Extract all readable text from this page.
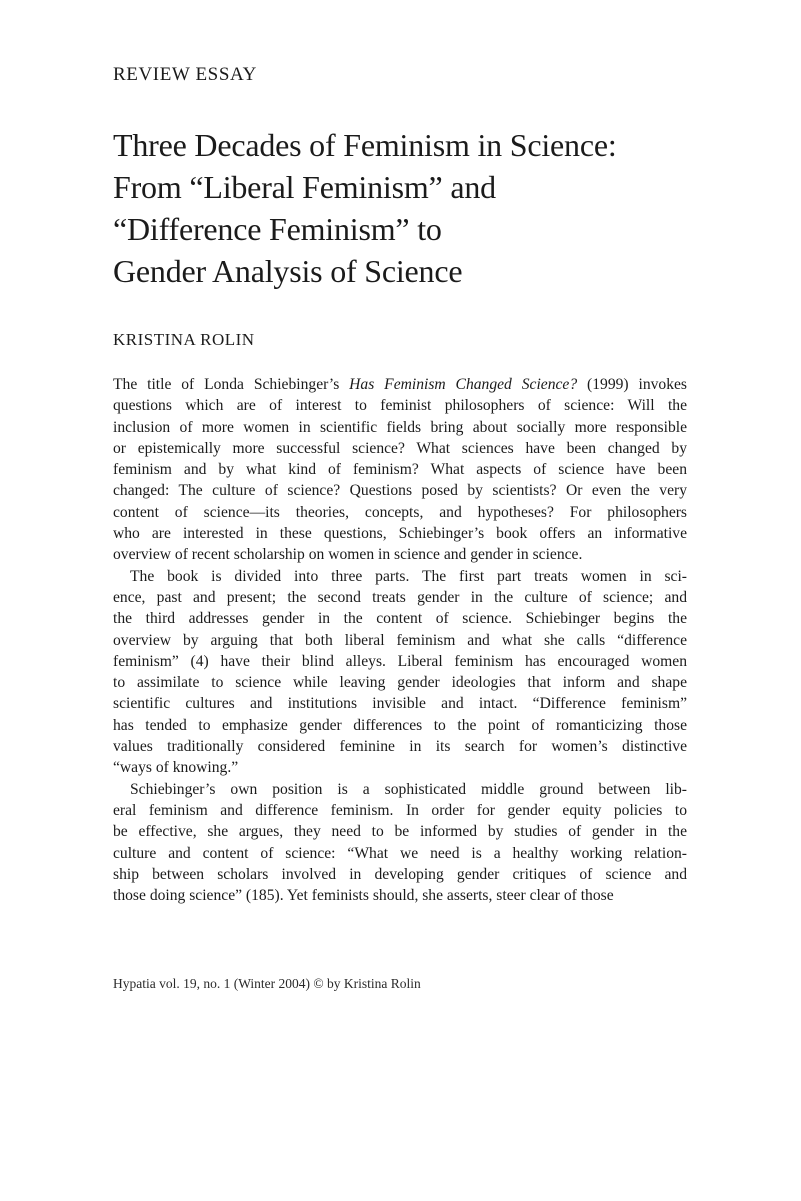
REVIEW ESSAY
Three Decades of Feminism in Science:
From “Liberal Feminism” and
“Difference Feminism” to
Gender Analysis of Science
KRISTINA ROLIN
The title of Londa Schiebinger’s Has Feminism Changed Science? (1999) invokes
questions which are of interest to feminist philosophers of science: Will the
inclusion of more women in scientific fields bring about socially more responsible
or epistemically more successful science? What sciences have been changed by
feminism and by what kind of feminism? What aspects of science have been
changed: The culture of science? Questions posed by scientists? Or even the very
content of science—its theories, concepts, and hypotheses? For philosophers
who are interested in these questions, Schiebinger’s book offers an informative
overview of recent scholarship on women in science and gender in science.
The book is divided into three parts. The first part treats women in sci-
ence, past and present; the second treats gender in the culture of science; and
the third addresses gender in the content of science. Schiebinger begins the
overview by arguing that both liberal feminism and what she calls “difference
feminism” (4) have their blind alleys. Liberal feminism has encouraged women
to assimilate to science while leaving gender ideologies that inform and shape
scientific cultures and institutions invisible and intact. “Difference feminism”
has tended to emphasize gender differences to the point of romanticizing those
values traditionally considered feminine in its search for women’s distinctive
“ways of knowing.”
Schiebinger’s own position is a sophisticated middle ground between lib-
eral feminism and difference feminism. In order for gender equity policies to
be effective, she argues, they need to be informed by studies of gender in the
culture and content of science: “What we need is a healthy working relation-
ship between scholars involved in developing gender critiques of science and
those doing science” (185). Yet feminists should, she asserts, steer clear of those
Hypatia vol. 19, no. 1 (Winter 2004) © by Kristina Rolin
